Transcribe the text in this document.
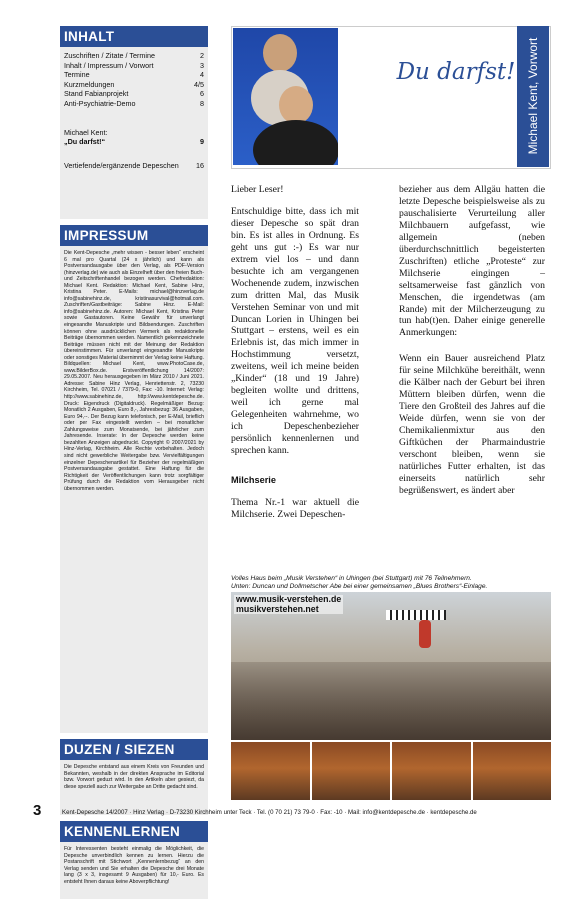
INHALT
Zuschriften / Zitate / Termine	2
Inhalt / Impressum / Vorwort	3
Termine	4
Kurzmeldungen	4/5
Stand Fabianprojekt	6
Anti-Psychiatrie-Demo	8
Michael Kent:
„Du darfst!“	9
Vertiefende/ergänzende Depeschen 16
IMPRESSUM
Die Kent-Depesche „mehr wissen - besser leben“ erscheint 6 mal pro Quartal (24 x jährlich) und kann als Postversandausgabe über den Verlag, als PDF-Version (hinzverlag.de) wie auch als Einzelheft über den freien Buch- und Zeitschriftenhandel bezogen werden. Chefredaktion: Michael Kent. Redaktion: Michael Kent, Sabine Hinz, Kristina Peter. E-Mails: michael@hinzverlag.de info@sabinehinz.de, kristinasurvival@hotmail.com. Zuschriften/Gastbeiträge: Sabine Hinz. E-Mail: info@sabinehinz.de. Autoren: Michael Kent, Kristina Peter sowie Gastautoren. Keine Gewähr für unverlangt eingesandte Manuskripte und Bildsendungen. Zuschriften können ohne ausdrücklichen Vermerk als redaktionelle Beiträge übernommen werden. Namentlich gekennzeichnete Beiträge müssen nicht mit der Meinung der Redaktion übereinstimmen. Für unverlangt eingesandte Manuskripte oder sonstiges Material übernimmt der Verlag keine Haftung. Bildquellen: Michael Kent, www.PhotoCase.de, www.BilderBox.de. Erstveröffentlichung 14/2007: 29.05.2007. Neu herausgegeben im März 2010 / Juni 2021. Adresse: Sabine Hinz Verlag, Henriettenstr. 2, 73230 Kirchheim, Tel. 07021 / 7379-0, Fax: -10. Internet: Verlag: http://www.sabinehinz.de, http://www.kentdepesche.de. Druck: Eigendruck (Digitaldruck). Regelmäßiger Bezug: Monatlich 2 Ausgaben, Euro 8,-, Jahresbezug: 36 Ausgaben, Euro 94,--. Der Bezug kann telefonisch, per E-Mail, brieflich oder per Fax eingestellt werden – bei monatlicher Zahlungsweise zum Monatsende, bei jährlicher zum Jahresende. Inserate: In der Depesche werden keine bezahlten Anzeigen abgedruckt. Copyright © 2007/2021 by Hinz-Verlag, Kirchheim. Alle Rechte vorbehalten. Jedoch sind nicht gewerbliche Weitergabe bzw. Vervielfältigungen einzelner Depeschenartikel für Bezieher der regelmäßigen Postversandausgabe gestattet. Eine Haftung für die Richtigkeit der Veröffentlichungen kann trotz sorgfältiger Prüfung durch die Redaktion vom Herausgeber nicht übernommen werden.
DUZEN / SIEZEN
Die Depesche entstand aus einem Kreis von Freunden und Bekannten, weshalb in der direkten Ansprache im Editorial bzw. Vorwort geduzt wird. In den Artikeln aber gesiezt, da diese speziell auch zur Weitergabe an Dritte gedacht sind.
KENNENLERNEN
Für Interessenten besteht einmalig die Möglichkeit, die Depesche unverbindlich kennen zu lernen. Hierzu die Postanschrift mit Stichwort „Kennenlernbezug“ an den Verlag senden und Sie erhalten die Depesche drei Monate lang (3 x 3, insgesamt 9 Ausgaben) für 10,- Euro. Es entsteht Ihnen daraus keine Aboverpflichtung!
Du darfst! Michael Kent, Vorwort

Lieber Leser!

Entschuldige bitte, dass ich mit dieser Depesche so spät dran bin. Es ist alles in Ordnung. Es geht uns gut :-) Es war nur extrem viel los – und dann besuchte ich am vergangenen Wochenende zudem, inzwischen zum dritten Mal, das Musik Verstehen Seminar von und mit Duncan Lorien in Uhingen bei Stuttgart – erstens, weil es ein Erlebnis ist, das mich immer in Hochstimmung versetzt, zweitens, weil ich meine beiden „Kinder“ (18 und 19 Jahre) begleiten wollte und drittens, weil ich gerne mal Gelegenheiten wahrnehme, wo ich Depeschenbezieher persönlich kennenlernen und sprechen kann.

Milchserie

Thema Nr.-1 war aktuell die Milchserie. Zwei Depeschen-

bezieher aus dem Allgäu hatten die letzte Depesche beispielsweise als zu pauschalisierte Verurteilung aller Milchbauern aufgefasst, wie allgemein (neben überdurchschnittlich begeisterten Zuschriften) etliche „Proteste“ zur Milchserie eingingen – seltsamerweise fast gänzlich von Menschen, die irgendetwas (am Rande) mit der Milcherzeugung zu tun hab(t)en. Daher einige generelle Anmerkungen:

Wenn ein Bauer ausreichend Platz für seine Milchkühe bereithält, wenn die Kälber nach der Geburt bei ihren Müttern bleiben dürfen, wenn die Tiere den Großteil des Jahres auf die Weide dürfen, wenn sie von der Chemikalienmixtur aus den Giftküchen der Pharmaindustrie verschont bleiben, wenn sie natürliches Futter erhalten, ist das einerseits natürlich sehr begrüßenswert, es ändert aber

Volles Haus beim „Musik Verstehen“ in Uhingen (bei Stuttgart) mit 76 Teilnehmern.
Unten: Duncan und Dollmetscher Abe bei einer gemeinsamen „Blues Brothers“-Einlage.
www.musik-verstehen.de
musikverstehen.net
3	Kent-Depesche 14/2007 · Hinz Verlag · D-73230 Kirchheim unter Teck · Tel. (0 70 21) 73 79-0 · Fax: -10 · Mail: info@kentdepesche.de · kentdepesche.de
